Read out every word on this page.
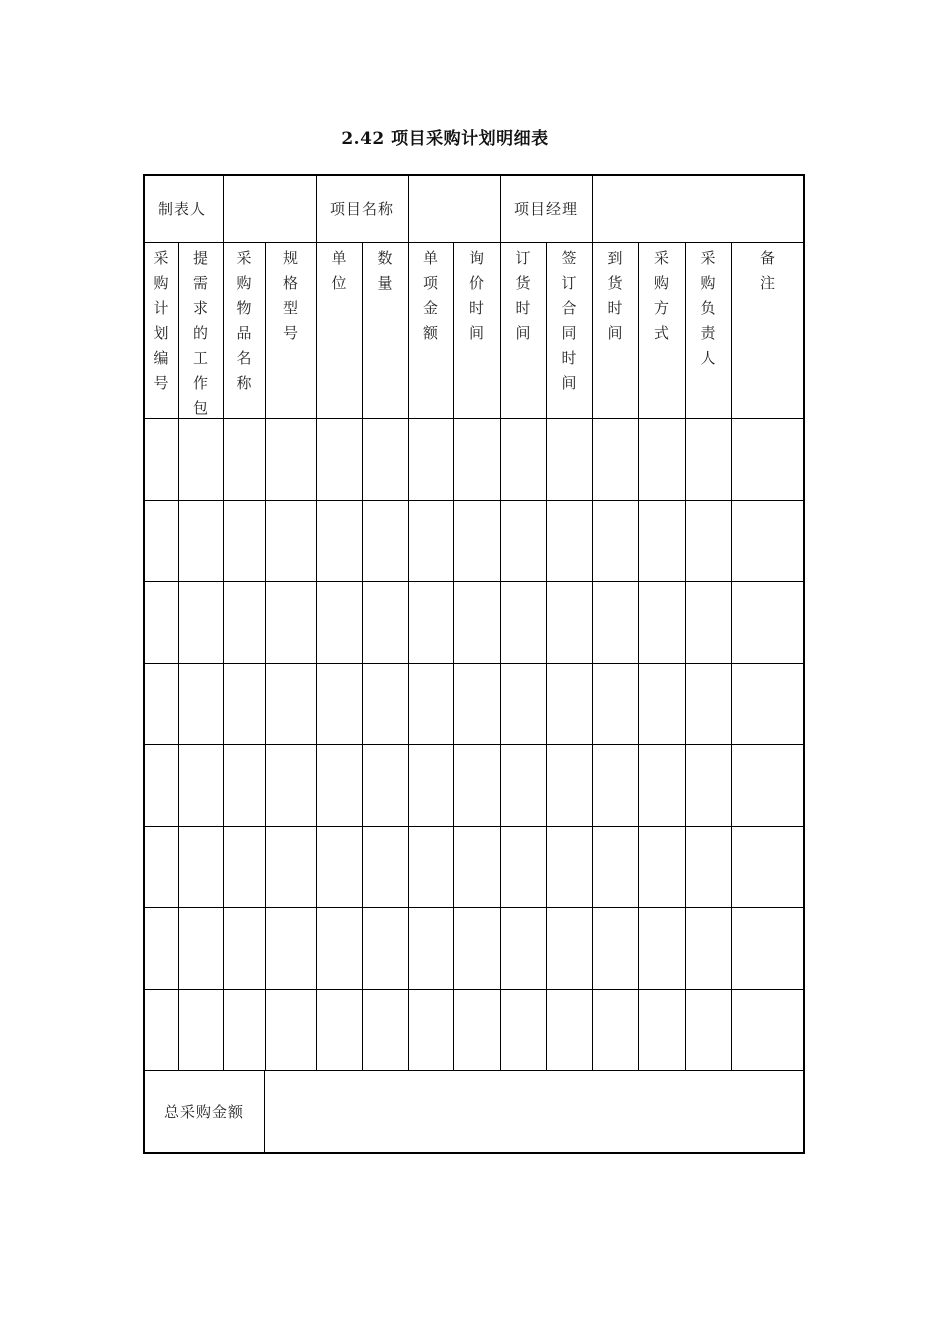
2.42 项目采购计划明细表
制表人	项目名称	项目经理
采
购
计
划
编
号
提
需
求
的
工
作
包
采
购
物
品
名
称
规
格
型
号
单
位
数
量
单
项
金
额
询
价
时
间
订
货
时
间
签
订
合
同
时
间
到
货
时
间
采
购
方
式
采
购
负
责
人
备
注
总采购金额
